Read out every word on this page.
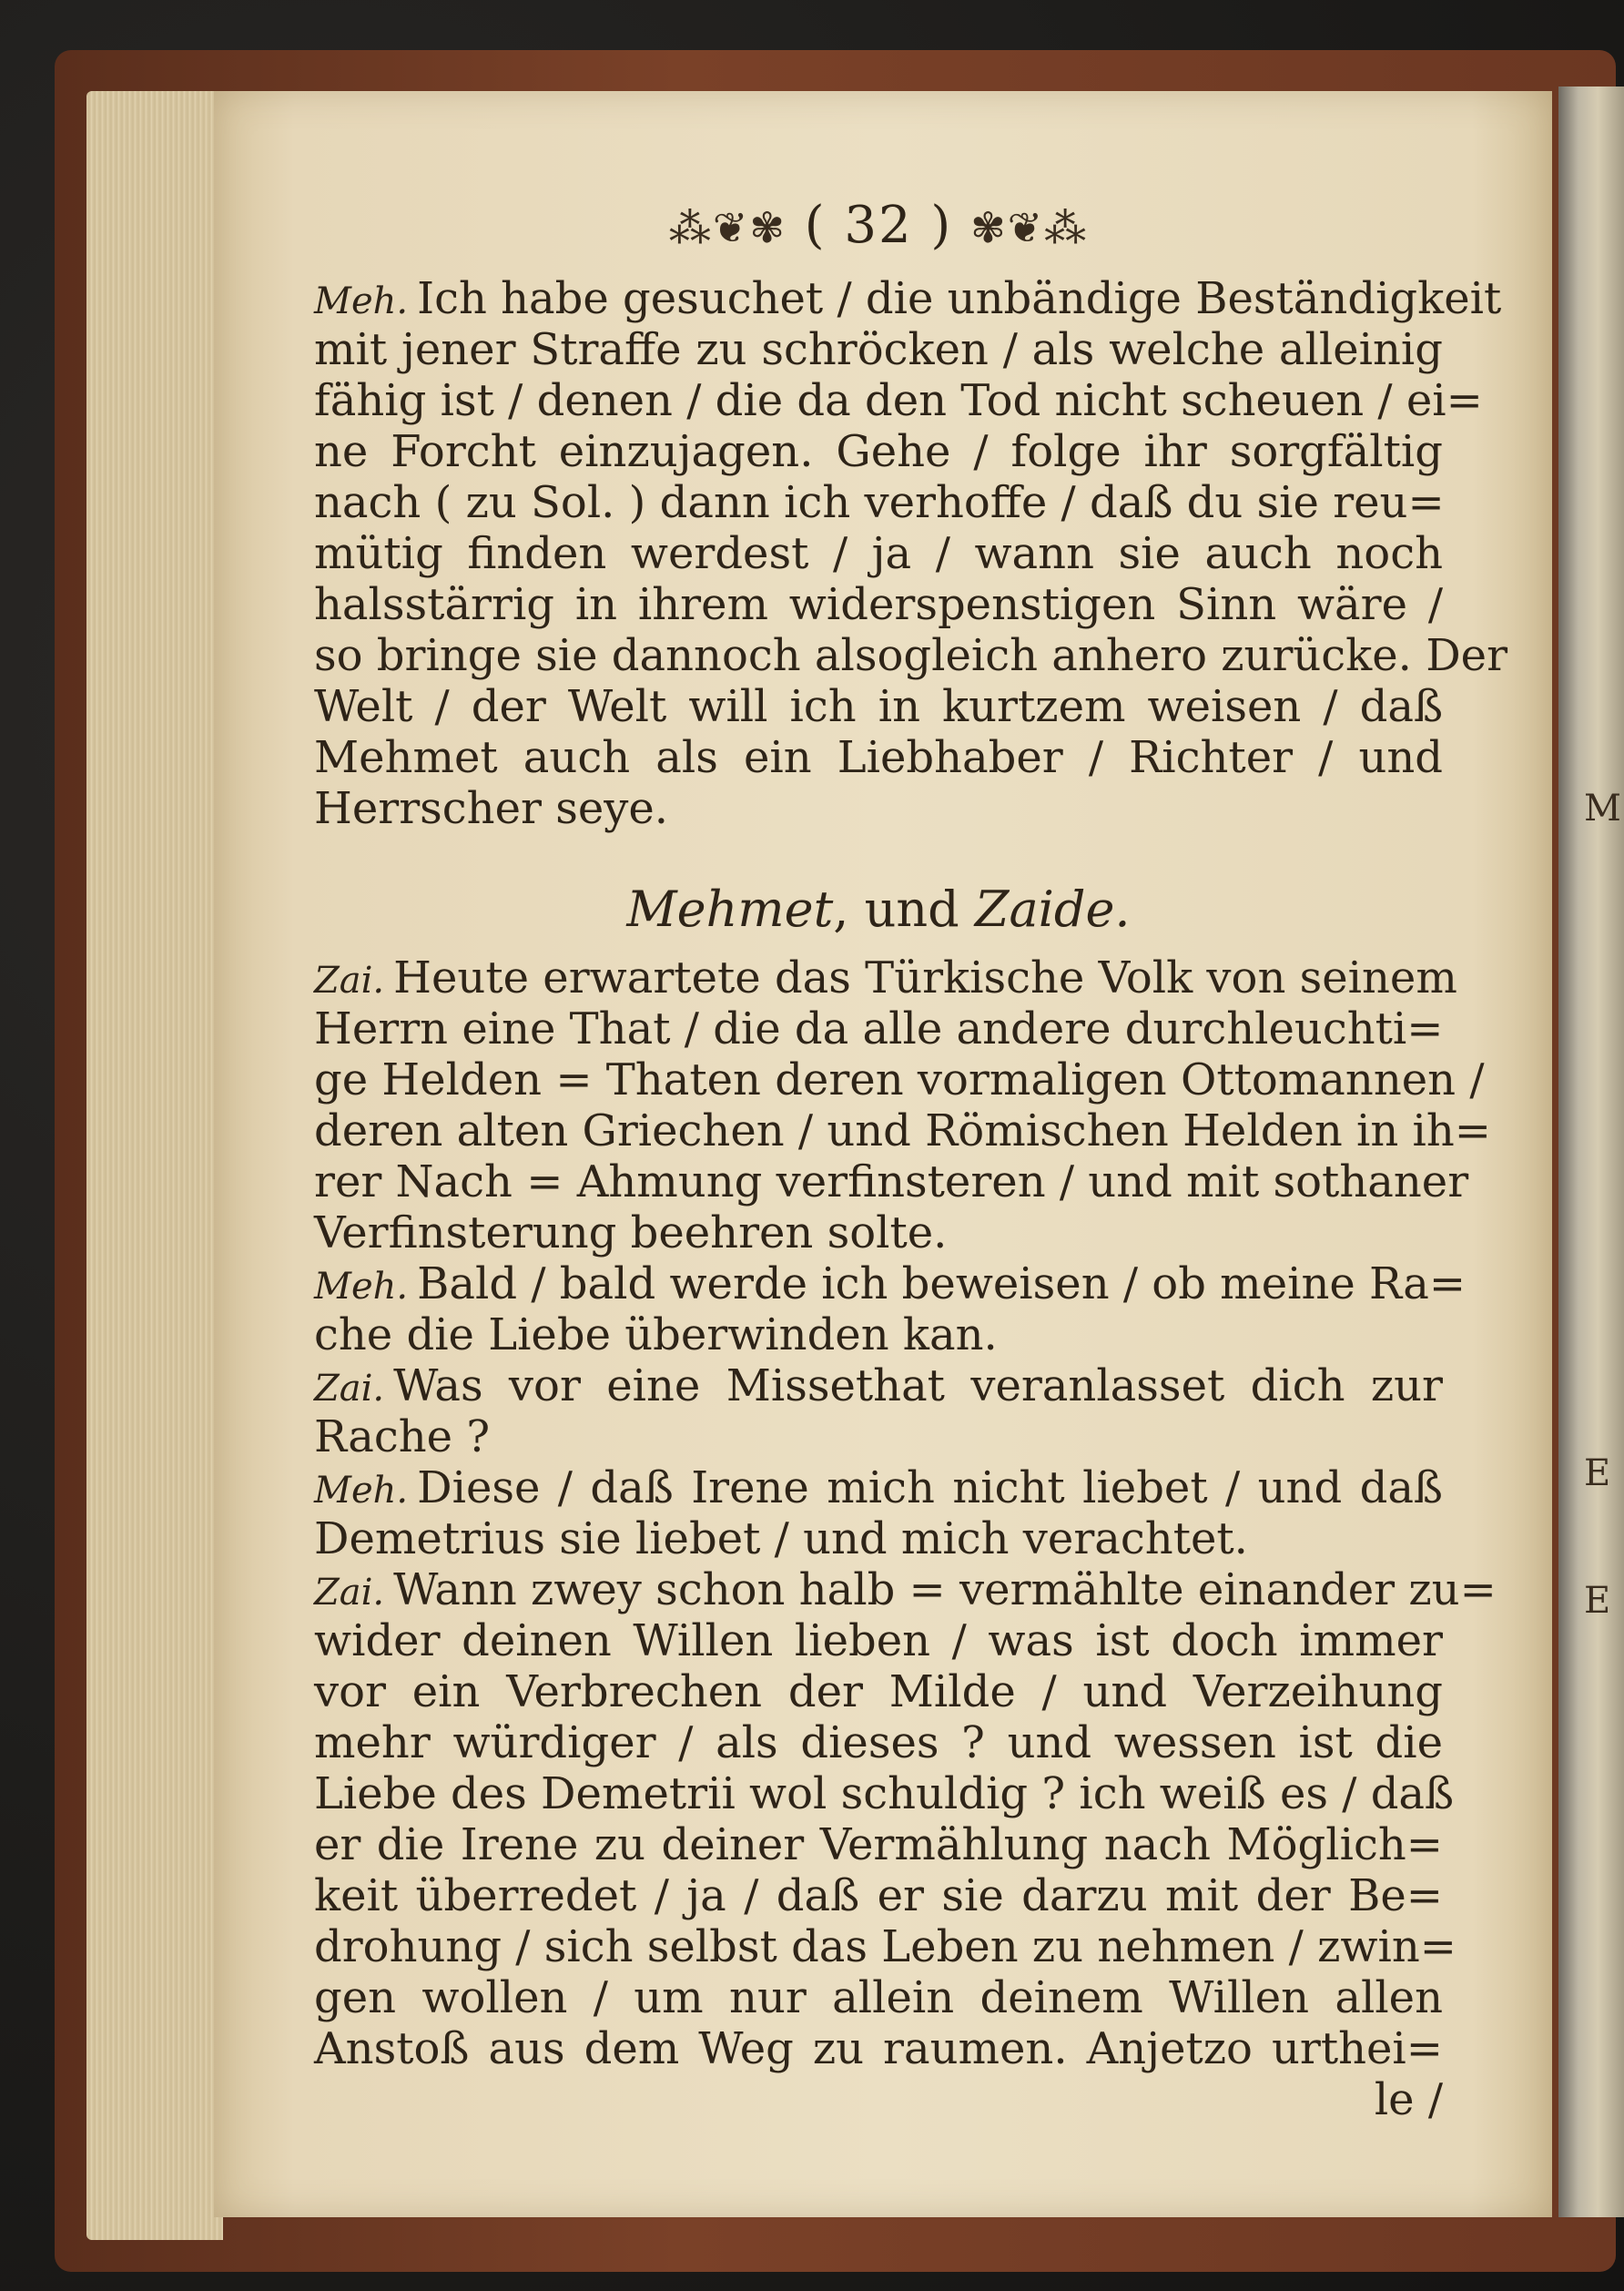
M
E
E
⁂❦✾ ( 32 ) ✾❦⁂
Meh. Ich habe gesuchet / die unbändige Beständigkeit
mit jener Straffe zu schröcken / als welche alleinig
fähig ist / denen / die da den Tod nicht scheuen / ei=
ne Forcht einzujagen. Gehe / folge ihr sorgfältig
nach ( zu Sol. ) dann ich verhoffe / daß du sie reu=
mütig finden werdest / ja / wann sie auch noch
halsstärrig in ihrem widerspenstigen Sinn wäre /
so bringe sie dannoch alsogleich anhero zurücke. Der
Welt / der Welt will ich in kurtzem weisen / daß
Mehmet auch als ein Liebhaber / Richter / und
Herrscher seye.
Mehmet, und Zaide.
Zai. Heute erwartete das Türkische Volk von seinem
Herrn eine That / die da alle andere durchleuchti=
ge Helden = Thaten deren vormaligen Ottomannen /
deren alten Griechen / und Römischen Helden in ih=
rer Nach = Ahmung verfinsteren / und mit sothaner
Verfinsterung beehren solte.
Meh. Bald / bald werde ich beweisen / ob meine Ra=
che die Liebe überwinden kan.
Zai. Was vor eine Missethat veranlasset dich zur
Rache ?
Meh. Diese / daß Irene mich nicht liebet / und daß
Demetrius sie liebet / und mich verachtet.
Zai. Wann zwey schon halb = vermählte einander zu=
wider deinen Willen lieben / was ist doch immer
vor ein Verbrechen der Milde / und Verzeihung
mehr würdiger / als dieses ? und wessen ist die
Liebe des Demetrii wol schuldig ? ich weiß es / daß
er die Irene zu deiner Vermählung nach Möglich=
keit überredet / ja / daß er sie darzu mit der Be=
drohung / sich selbst das Leben zu nehmen / zwin=
gen wollen / um nur allein deinem Willen allen
Anstoß aus dem Weg zu raumen. Anjetzo urthei=
le /
